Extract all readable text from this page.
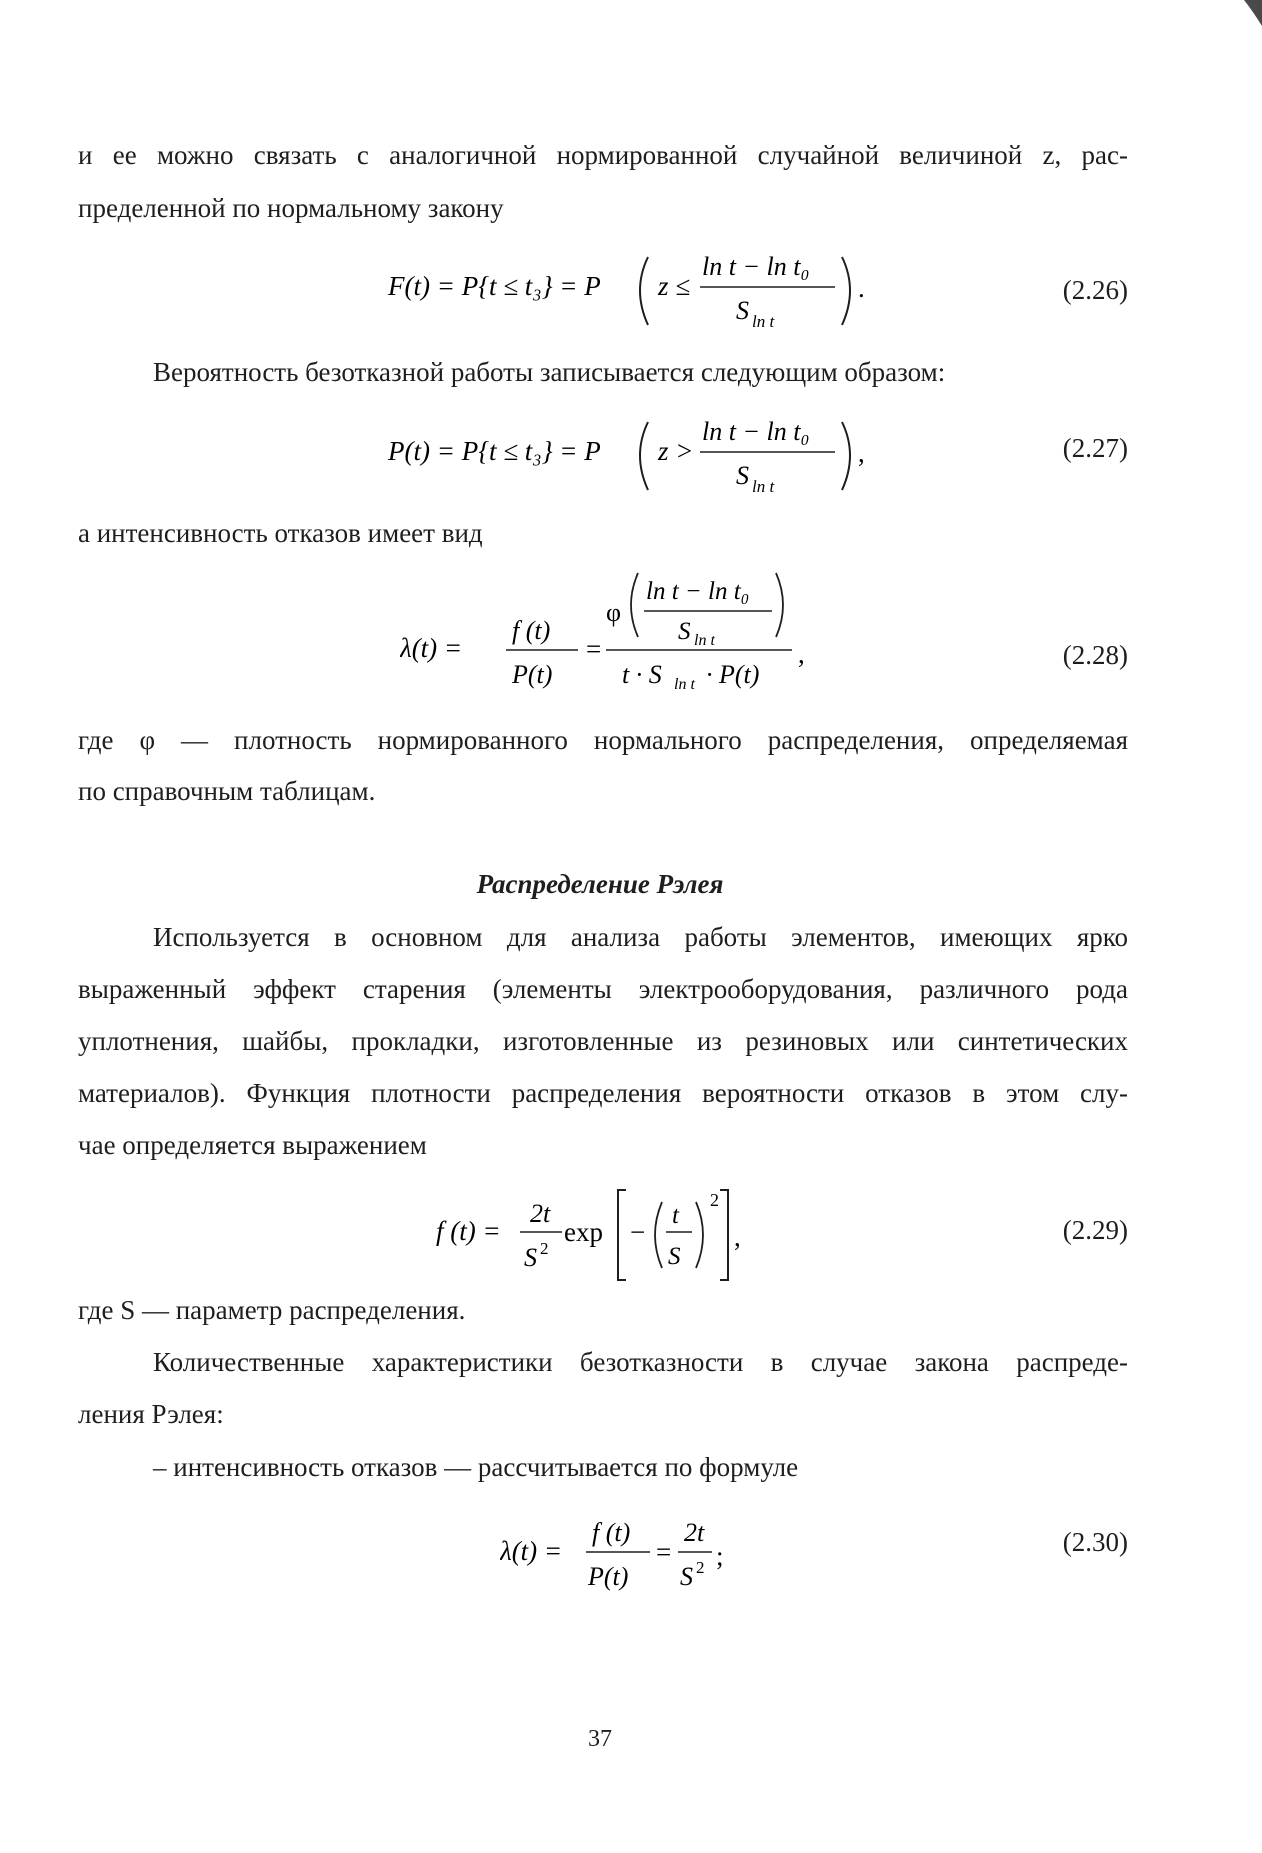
и ее можно связать с аналогичной нормированной случайной величиной z, рас-

пределенной по нормальному закону

F(t) = P{t ≤ t₃} = P z ≤
ln t − ln t₀
S ln t
.	(2.26)

Вероятность безотказной работы записывается следующим образом:

P(t) = P{t ≤ t₃} = P z >
ln t − ln t₀
S ln t
,	(2.27)

а интенсивность отказов имеет вид

λ(t) =
f (t)
P(t)
=
φ
ln t − ln t₀
S ln t
t · S ln t · P(t)
,	(2.28)

где φ — плотность нормированного нормального распределения, определяемая

по справочным таблицам.

Распределение Рэлея

Используется в основном для анализа работы элементов, имеющих ярко

выраженный эффект старения (элементы электрооборудования, различного рода

уплотнения, шайбы, прокладки, изготовленные из резиновых или синтетических

материалов). Функция плотности распределения вероятности отказов в этом слу-

чае определяется выражением

f (t) =
2t
S 2
exp −
t
S
2
,	(2.29)

где S — параметр распределения.

Количественные характеристики безотказности в случае закона распреде-

ления Рэлея:

– интенсивность отказов — рассчитывается по формуле

λ(t) =
f (t)
P(t)
=
2t
S 2 ;	(2.30)
37
